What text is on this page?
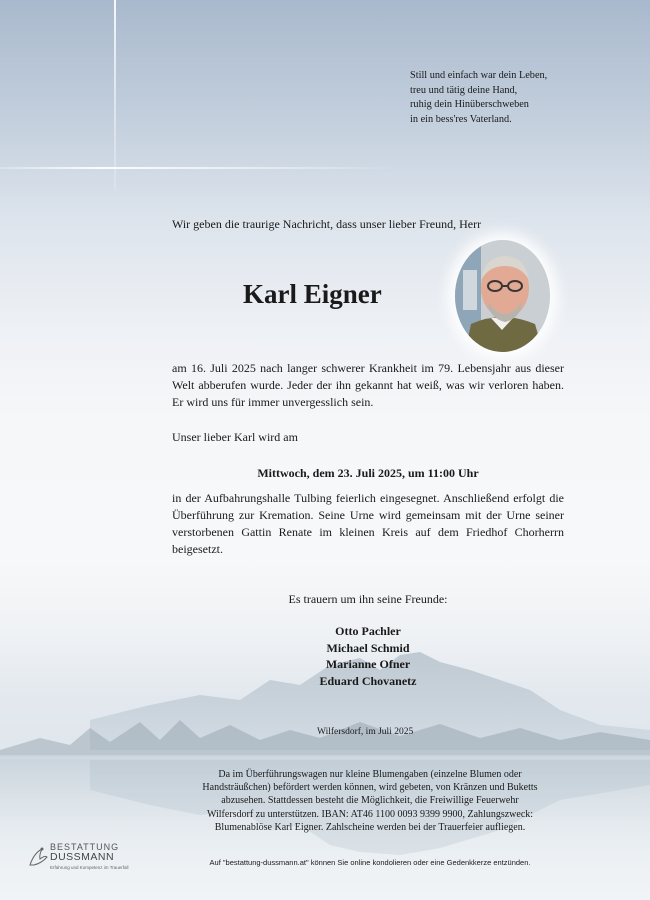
Still und einfach war dein Leben,
treu und tätig deine Hand,
ruhig dein Hinüberschweben
in ein bess'res Vaterland.
Wir geben die traurige Nachricht, dass unser lieber Freund, Herr
Karl Eigner
am 16. Juli 2025 nach langer schwerer Krankheit im 79. Lebensjahr aus dieser Welt abberufen wurde. Jeder der ihn gekannt hat weiß, was wir verloren haben. Er wird uns für immer unvergesslich sein.
Unser lieber Karl wird am
Mittwoch, dem 23. Juli 2025, um 11:00 Uhr
in der Aufbahrungshalle Tulbing feierlich eingesegnet. Anschließend erfolgt die Überführung zur Kremation. Seine Urne wird gemeinsam mit der Urne seiner verstorbenen Gattin Renate im kleinen Kreis auf dem Friedhof Chorherrn beigesetzt.
Es trauern um ihn seine Freunde:
Otto Pachler
Michael Schmid
Marianne Ofner
Eduard Chovanetz
Wilfersdorf, im Juli 2025
Da im Überführungswagen nur kleine Blumengaben (einzelne Blumen oder
Handsträußchen) befördert werden können, wird gebeten, von Kränzen und Buketts
abzusehen. Stattdessen besteht die Möglichkeit, die Freiwillige Feuerwehr
Wilfersdorf zu unterstützen. IBAN: AT46 1100 0093 9399 9900, Zahlungszweck:
Blumenablöse Karl Eigner. Zahlscheine werden bei der Trauerfeier aufliegen.
BESTATTUNG
DUSSMANN
Erfahrung und Kompetenz im Trauerfall
Auf "bestattung-dussmann.at" können Sie online kondolieren oder eine Gedenkkerze entzünden.
